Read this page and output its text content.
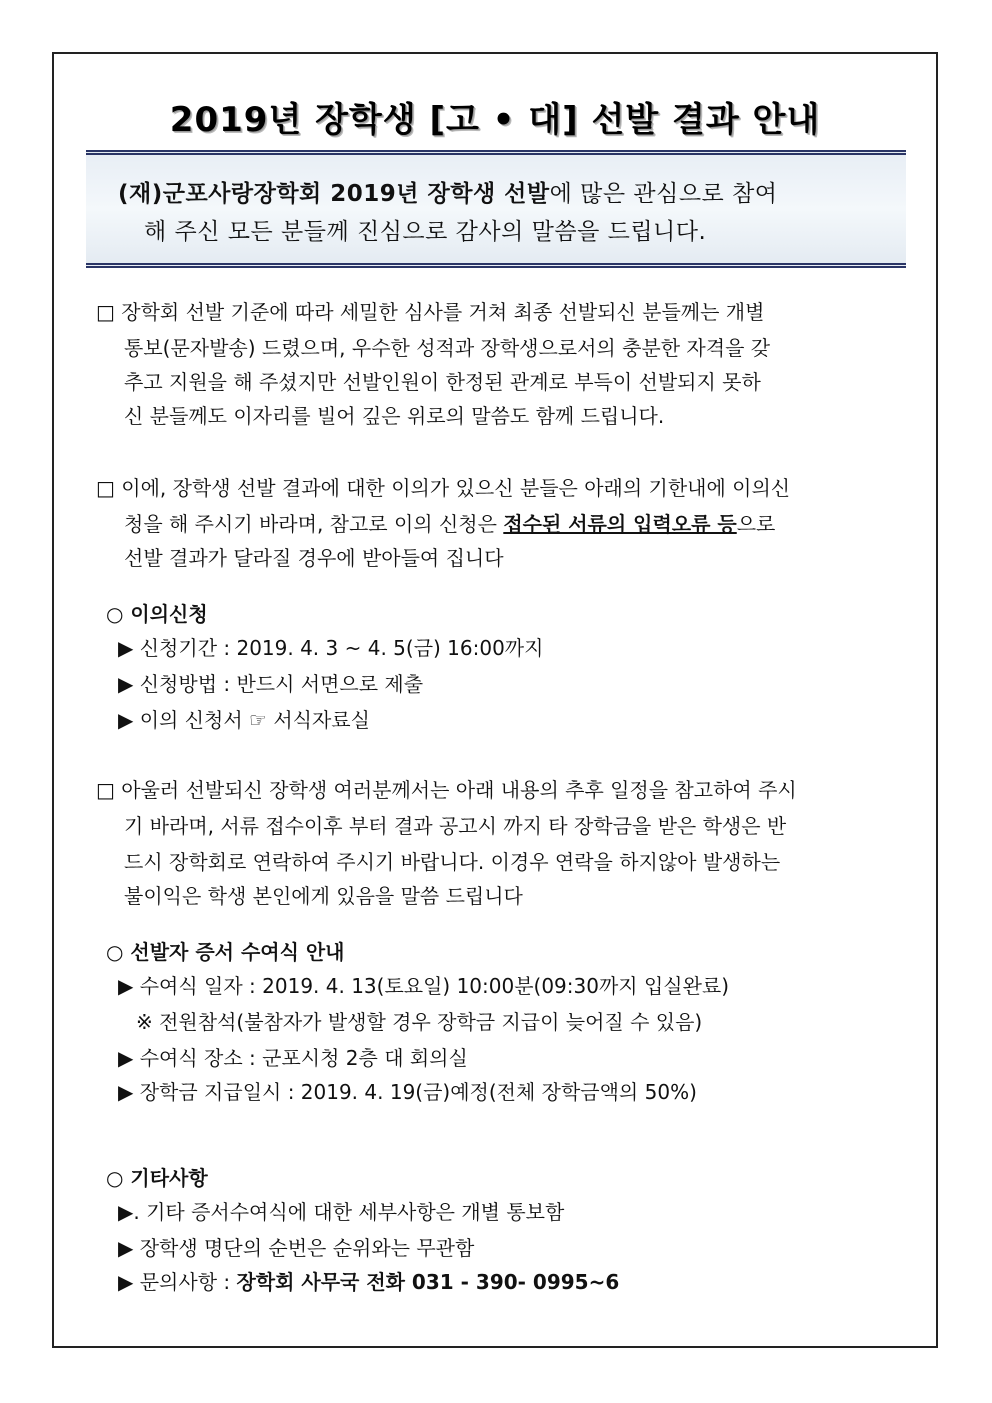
2019년 장학생 [고 • 대] 선발 결과 안내
(재)군포사랑장학회 2019년 장학생 선발에 많은 관심으로 참여
해 주신 모든 분들께 진심으로 감사의 말씀을 드립니다.
□ 장학회 선발 기준에 따라 세밀한 심사를 거쳐 최종 선발되신 분들께는 개별
통보(문자발송) 드렸으며, 우수한 성적과 장학생으로서의 충분한 자격을 갖
추고 지원을 해 주셨지만 선발인원이 한정된 관계로 부득이 선발되지 못하
신 분들께도 이자리를 빌어 깊은 위로의 말씀도 함께 드립니다.
□ 이에, 장학생 선발 결과에 대한 이의가 있으신 분들은 아래의 기한내에 이의신
청을 해 주시기 바라며, 참고로 이의 신청은 접수된 서류의 입력오류 등으로
선발 결과가 달라질 경우에 받아들여 집니다
○ 이의신청
▶ 신청기간 : 2019. 4. 3 ~ 4. 5(금) 16:00까지
▶ 신청방법 : 반드시 서면으로 제출
▶ 이의 신청서 ☞ 서식자료실
□ 아울러 선발되신 장학생 여러분께서는 아래 내용의 추후 일정을 참고하여 주시
기 바라며, 서류 접수이후 부터 결과 공고시 까지 타 장학금을 받은 학생은 반
드시 장학회로 연락하여 주시기 바랍니다. 이경우 연락을 하지않아 발생하는
불이익은 학생 본인에게 있음을 말씀 드립니다
○ 선발자 증서 수여식 안내
▶ 수여식 일자 : 2019. 4. 13(토요일) 10:00분(09:30까지 입실완료)
※ 전원참석(불참자가 발생할 경우 장학금 지급이 늦어질 수 있음)
▶ 수여식 장소 : 군포시청 2층 대 회의실
▶ 장학금 지급일시 : 2019. 4. 19(금)예정(전체 장학금액의 50%)
○ 기타사항
▶. 기타 증서수여식에 대한 세부사항은 개별 통보함
▶ 장학생 명단의 순번은 순위와는 무관함
▶ 문의사항 : 장학회 사무국 전화 031 - 390- 0995~6
